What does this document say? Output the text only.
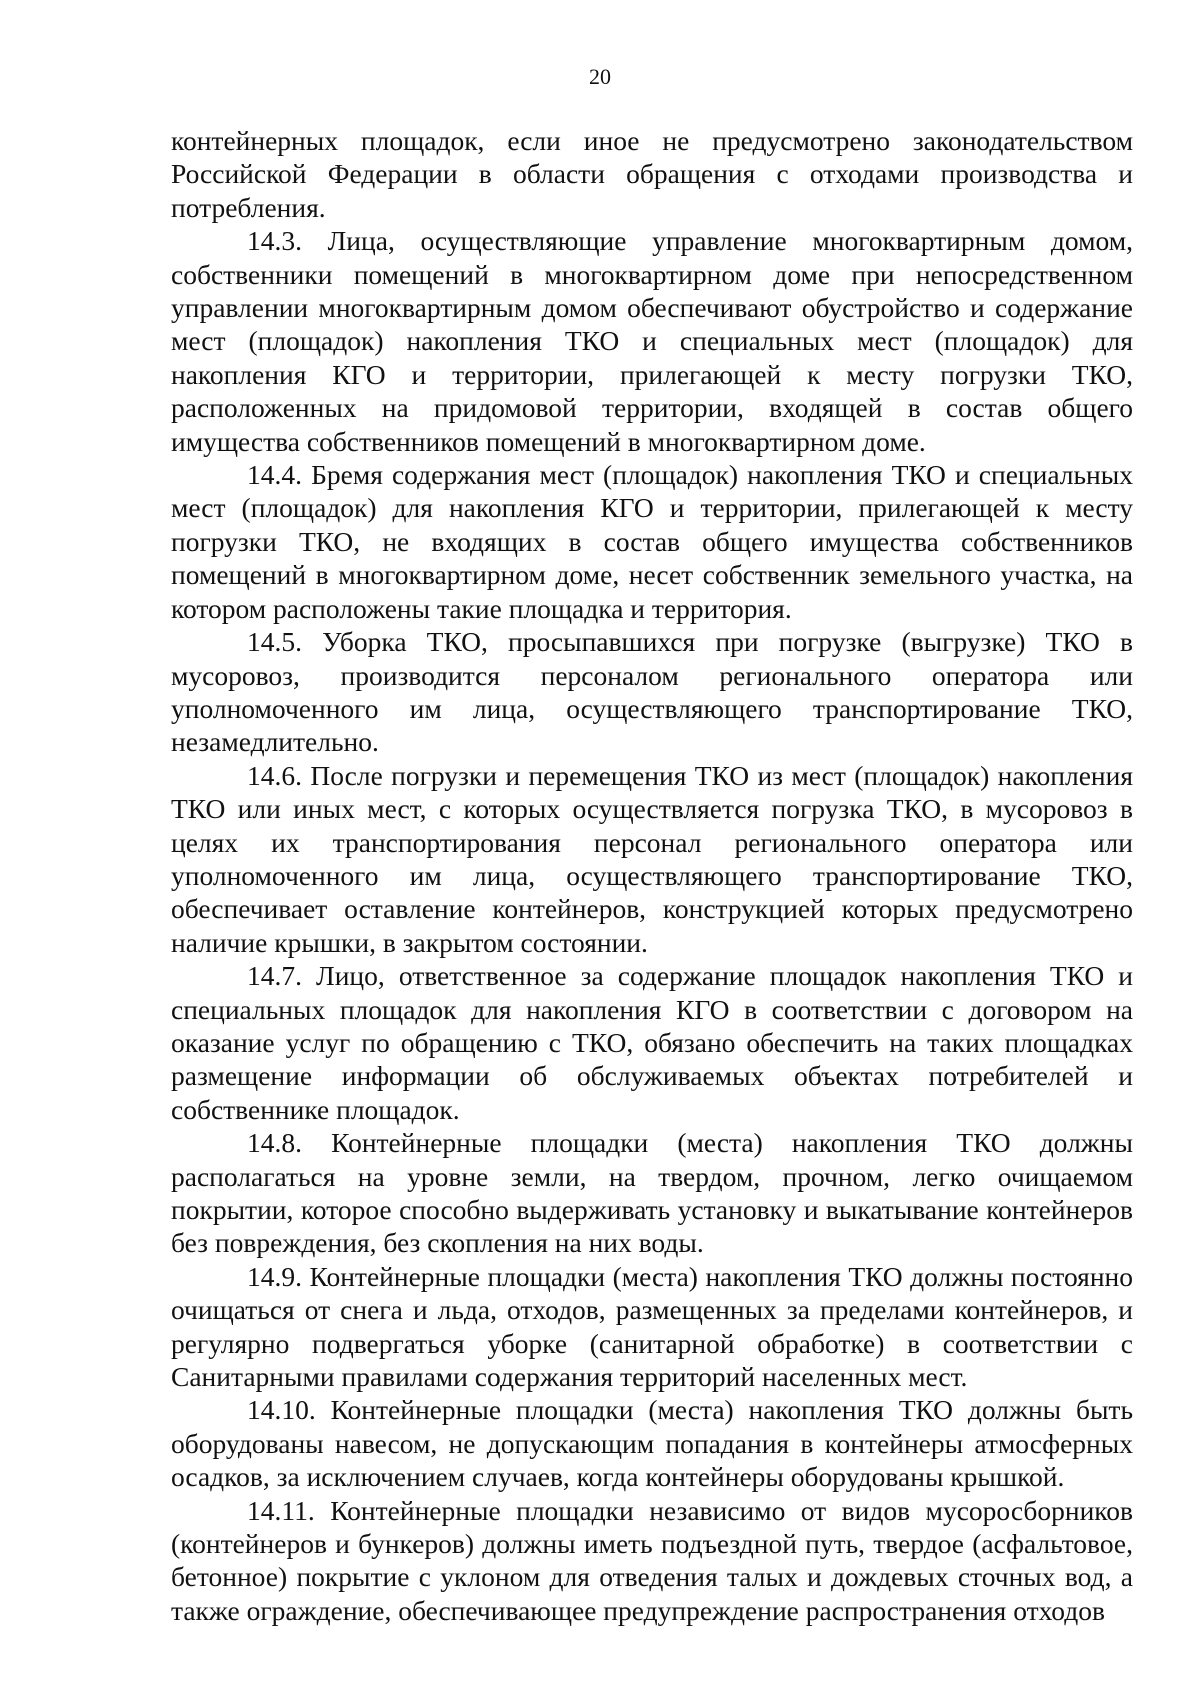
20

контейнерных площадок, если иное не предусмотрено законодательством Российской Федерации в области обращения с отходами производства и потребления.

14.3. Лица, осуществляющие управление многоквартирным домом, собственники помещений в многоквартирном доме при непосредственном управлении многоквартирным домом обеспечивают обустройство и содержание мест (площадок) накопления ТКО и специальных мест (площадок) для накопления КГО и территории, прилегающей к месту погрузки ТКО, расположенных на придомовой территории, входящей в состав общего имущества собственников помещений в многоквартирном доме.

14.4. Бремя содержания мест (площадок) накопления ТКО и специальных мест (площадок) для накопления КГО и территории, прилегающей к месту погрузки ТКО, не входящих в состав общего имущества собственников помещений в многоквартирном доме, несет собственник земельного участка, на котором расположены такие площадка и территория.

14.5. Уборка ТКО, просыпавшихся при погрузке (выгрузке) ТКО в мусоровоз, производится персоналом регионального оператора или уполномоченного им лица, осуществляющего транспортирование ТКО, незамедлительно.

14.6. После погрузки и перемещения ТКО из мест (площадок) накопления ТКО или иных мест, с которых осуществляется погрузка ТКО, в мусоровоз в целях их транспортирования персонал регионального оператора или уполномоченного им лица, осуществляющего транспортирование ТКО, обеспечивает оставление контейнеров, конструкцией которых предусмотрено наличие крышки, в закрытом состоянии.

14.7. Лицо, ответственное за содержание площадок накопления ТКО и специальных площадок для накопления КГО в соответствии с договором на оказание услуг по обращению с ТКО, обязано обеспечить на таких площадках размещение информации об обслуживаемых объектах потребителей и собственнике площадок.

14.8. Контейнерные площадки (места) накопления ТКО должны располагаться на уровне земли, на твердом, прочном, легко очищаемом покрытии, которое способно выдерживать установку и выкатывание контейнеров без повреждения, без скопления на них воды.

14.9. Контейнерные площадки (места) накопления ТКО должны постоянно очищаться от снега и льда, отходов, размещенных за пределами контейнеров, и регулярно подвергаться уборке (санитарной обработке) в соответствии с Санитарными правилами содержания территорий населенных мест.

14.10. Контейнерные площадки (места) накопления ТКО должны быть оборудованы навесом, не допускающим попадания в контейнеры атмосферных осадков, за исключением случаев, когда контейнеры оборудованы крышкой.

14.11. Контейнерные площадки независимо от видов мусоросборников (контейнеров и бункеров) должны иметь подъездной путь, твердое (асфальтовое, бетонное) покрытие с уклоном для отведения талых и дождевых сточных вод, а также ограждение, обеспечивающее предупреждение распространения отходов
